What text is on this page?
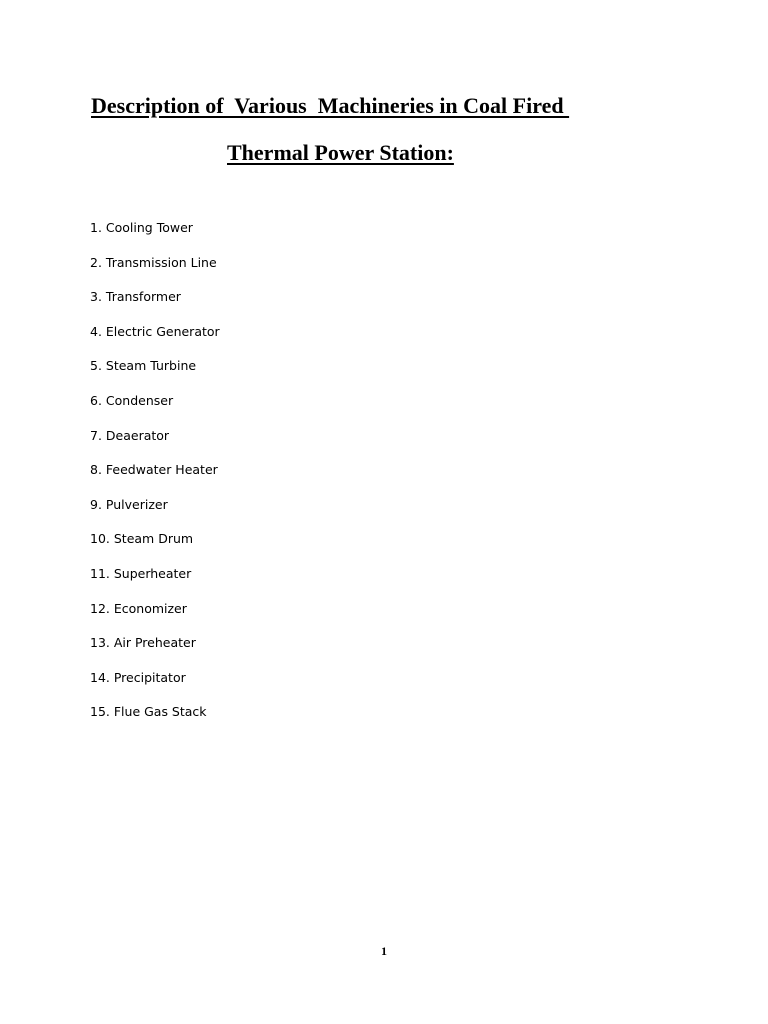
Description of  Various  Machineries in Coal Fired
Thermal Power Station:
1. Cooling Tower
2. Transmission Line
3. Transformer
4. Electric Generator
5. Steam Turbine
6. Condenser
7. Deaerator
8. Feedwater Heater
9. Pulverizer
10. Steam Drum
11. Superheater
12. Economizer
13. Air Preheater
14. Precipitator
15. Flue Gas Stack
1
